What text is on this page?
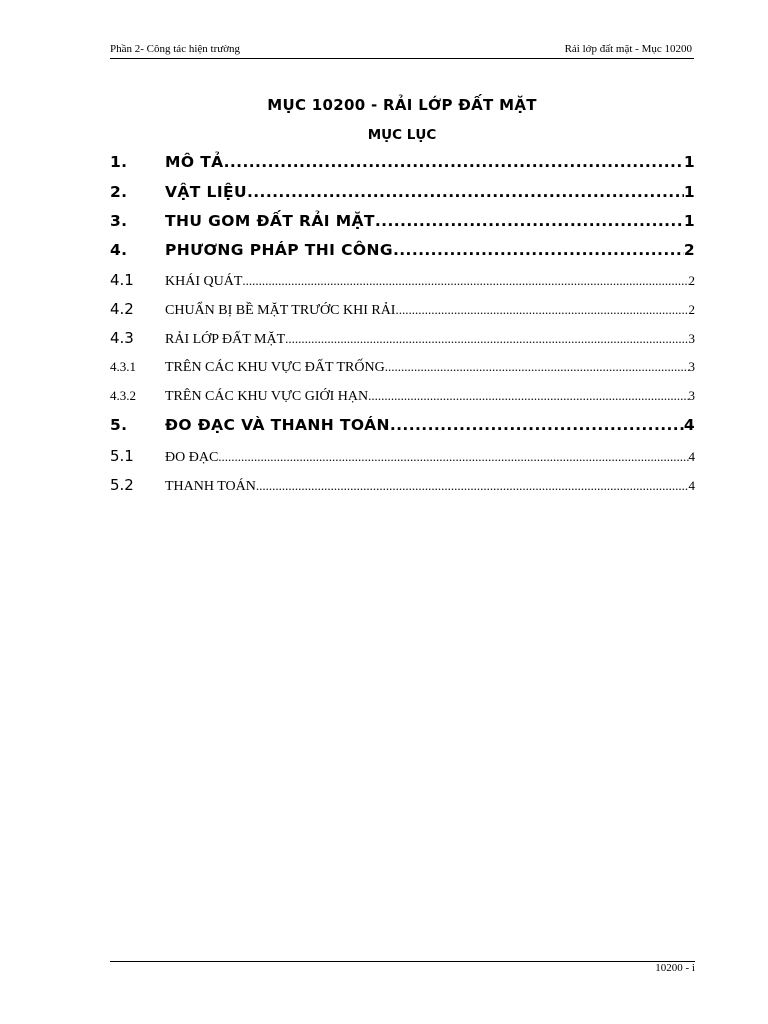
Phần 2- Công tác hiện trường	Rải lớp đất mặt - Mục 10200
MỤC 10200 - RẢI LỚP ĐẤT MẶT
MỤC LỤC
1.	MÔ TẢ .....	1
2.	VẬT LIỆU .....	1
3.	THU GOM ĐẤT RẢI MẶT .....	1
4.	PHƯƠNG PHÁP THI CÔNG .....	2
4.1	KHÁI QUÁT .....	2
4.2	CHUẨN BỊ BỀ MẶT TRƯỚC KHI RẢI .....	2
4.3	RẢI LỚP ĐẤT MẶT .....	3
4.3.1	TRÊN CÁC KHU VỰC ĐẤT TRỐNG .....	3
4.3.2	TRÊN CÁC KHU VỰC GIỚI HẠN .....	3
5.	ĐO ĐẠC VÀ THANH TOÁN .....	4
5.1	ĐO ĐẠC .....	4
5.2	THANH TOÁN .....	4
10200 - i
